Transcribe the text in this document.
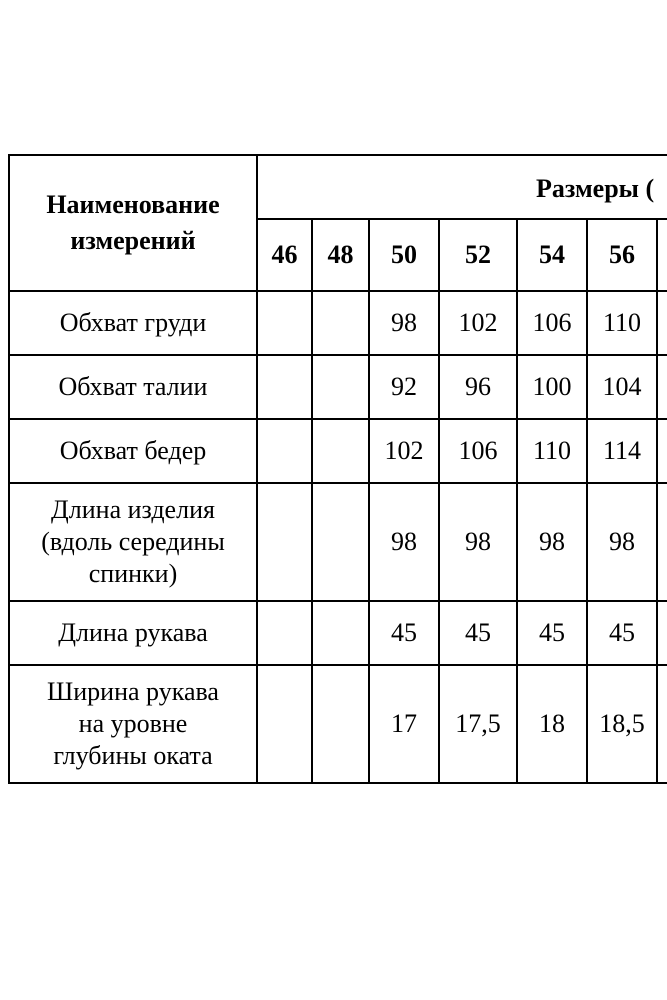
Наименование
измерений	Размеры (						
	46	48	50	52	54	56	

Обхват груди			98	102	106	110	

Обхват талии			92	96	100	104	

Обхват бедер			102	106	110	114	

Длина изделия
(вдоль середины
спинки)			98	98	98	98	

Длина рукава			45	45	45	45	

Ширина рукава
на уровне
глубины оката			17	17,5	18	18,5	
